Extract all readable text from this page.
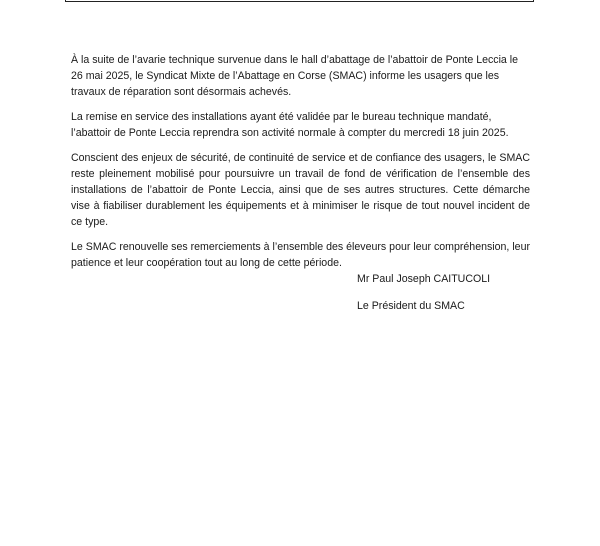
À la suite de l’avarie technique survenue dans le hall d’abattage de l’abattoir de Ponte Leccia le 26 mai 2025, le Syndicat Mixte de l’Abattage en Corse (SMAC) informe les usagers que les travaux de réparation sont désormais achevés.

La remise en service des installations ayant été validée par le bureau technique mandaté, l’abattoir de Ponte Leccia reprendra son activité normale à compter du mercredi 18 juin 2025.

Conscient des enjeux de sécurité, de continuité de service et de confiance des usagers, le SMAC reste pleinement mobilisé pour poursuivre un travail de fond de vérification de l’ensemble des installations de l’abattoir de Ponte Leccia, ainsi que de ses autres structures. Cette démarche vise à fiabiliser durablement les équipements et à minimiser le risque de tout nouvel incident de ce type.

Le SMAC renouvelle ses remerciements à l’ensemble des éleveurs pour leur compréhension, leur patience et leur coopération tout au long de cette période.

Mr Paul Joseph CAITUCOLI
Le Président du SMAC
